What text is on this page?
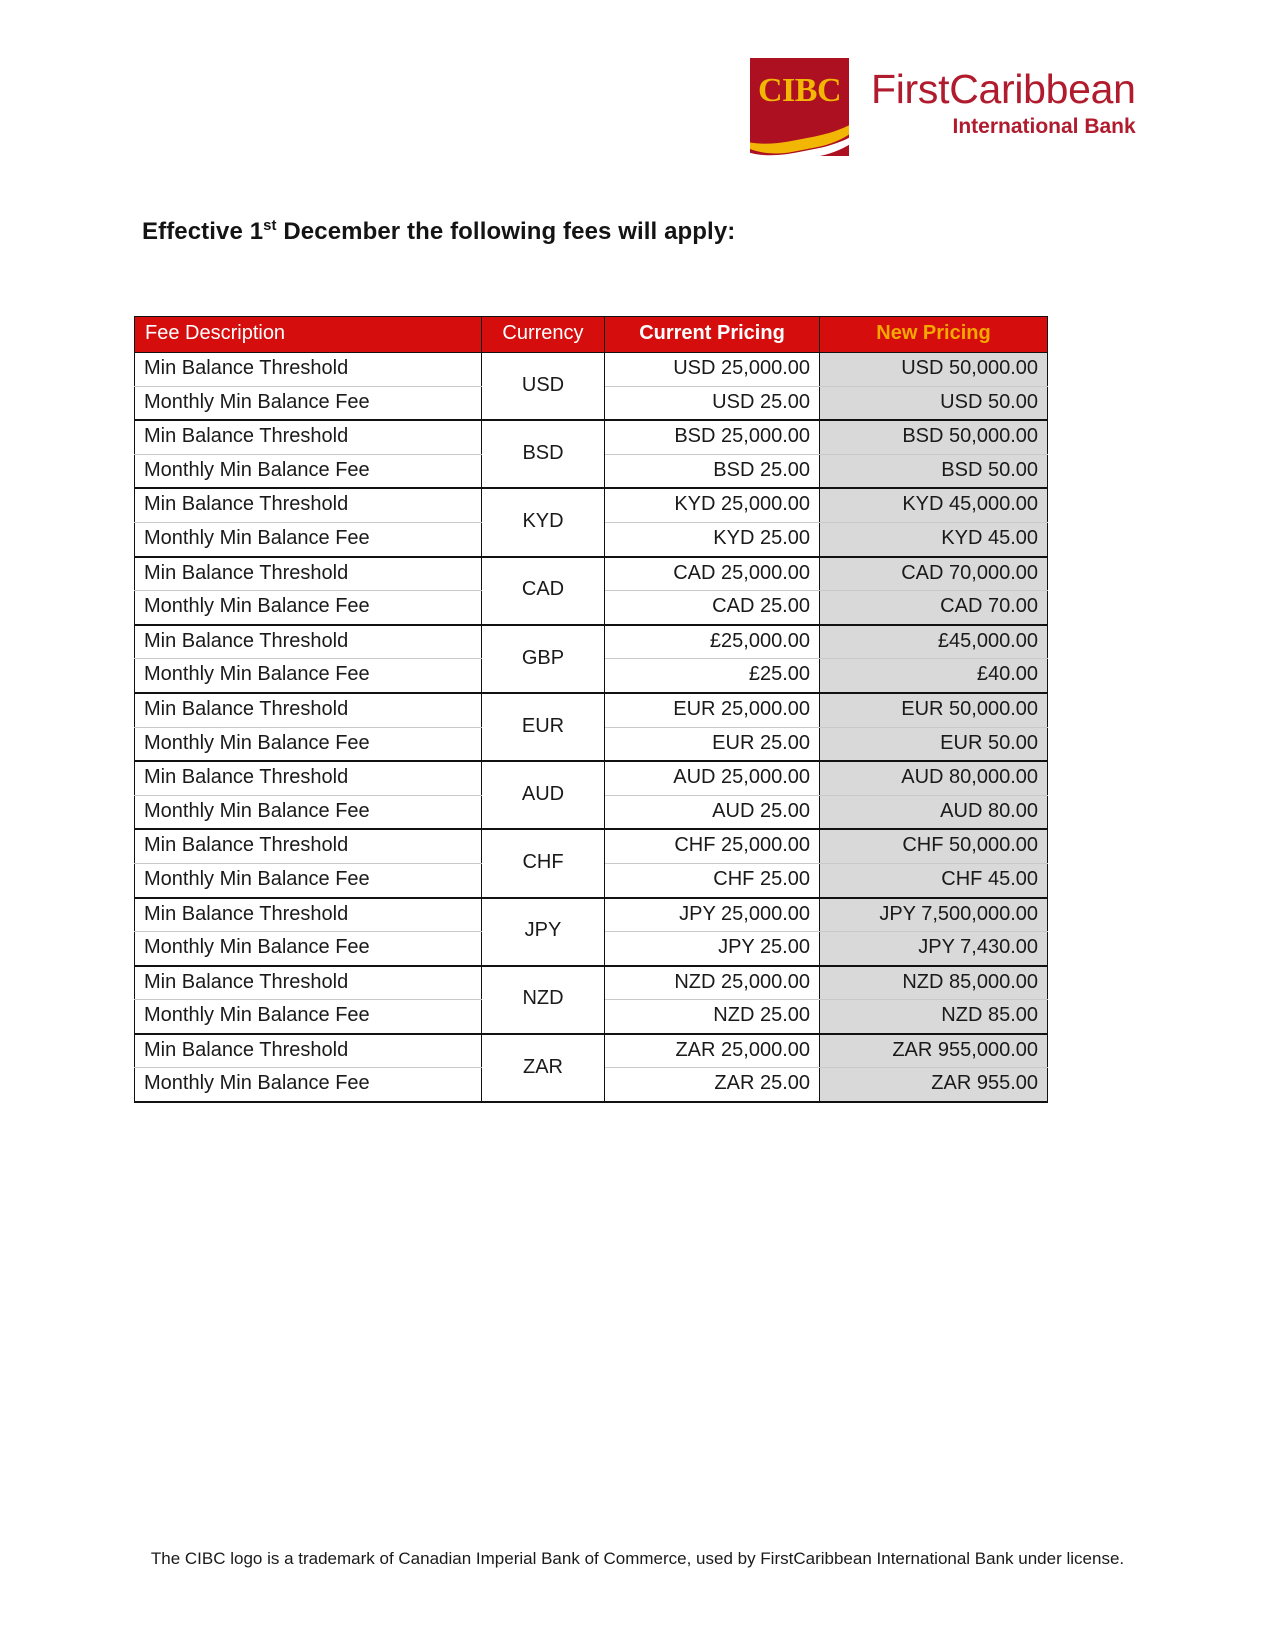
CIBC FirstCaribbean
International Bank
Effective 1st December the following fees will apply:
Fee Description	Currency	Current Pricing	New Pricing
Min Balance Threshold	USD	USD 25,000.00	USD 50,000.00
Monthly Min Balance Fee		USD 25.00	USD 50.00
Min Balance Threshold	BSD	BSD 25,000.00	BSD 50,000.00
Monthly Min Balance Fee		BSD 25.00	BSD 50.00
Min Balance Threshold	KYD	KYD 25,000.00	KYD 45,000.00
Monthly Min Balance Fee		KYD 25.00	KYD 45.00
Min Balance Threshold	CAD	CAD 25,000.00	CAD 70,000.00
Monthly Min Balance Fee		CAD 25.00	CAD 70.00
Min Balance Threshold	GBP	£25,000.00	£45,000.00
Monthly Min Balance Fee		£25.00	£40.00
Min Balance Threshold	EUR	EUR 25,000.00	EUR 50,000.00
Monthly Min Balance Fee		EUR 25.00	EUR 50.00
Min Balance Threshold	AUD	AUD 25,000.00	AUD 80,000.00
Monthly Min Balance Fee		AUD 25.00	AUD 80.00
Min Balance Threshold	CHF	CHF 25,000.00	CHF 50,000.00
Monthly Min Balance Fee		CHF 25.00	CHF 45.00
Min Balance Threshold	JPY	JPY 25,000.00	JPY 7,500,000.00
Monthly Min Balance Fee		JPY 25.00	JPY 7,430.00
Min Balance Threshold	NZD	NZD 25,000.00	NZD 85,000.00
Monthly Min Balance Fee		NZD 25.00	NZD 85.00
Min Balance Threshold	ZAR	ZAR 25,000.00	ZAR 955,000.00
Monthly Min Balance Fee		ZAR 25.00	ZAR 955.00
The CIBC logo is a trademark of Canadian Imperial Bank of Commerce, used by FirstCaribbean International Bank under license.
